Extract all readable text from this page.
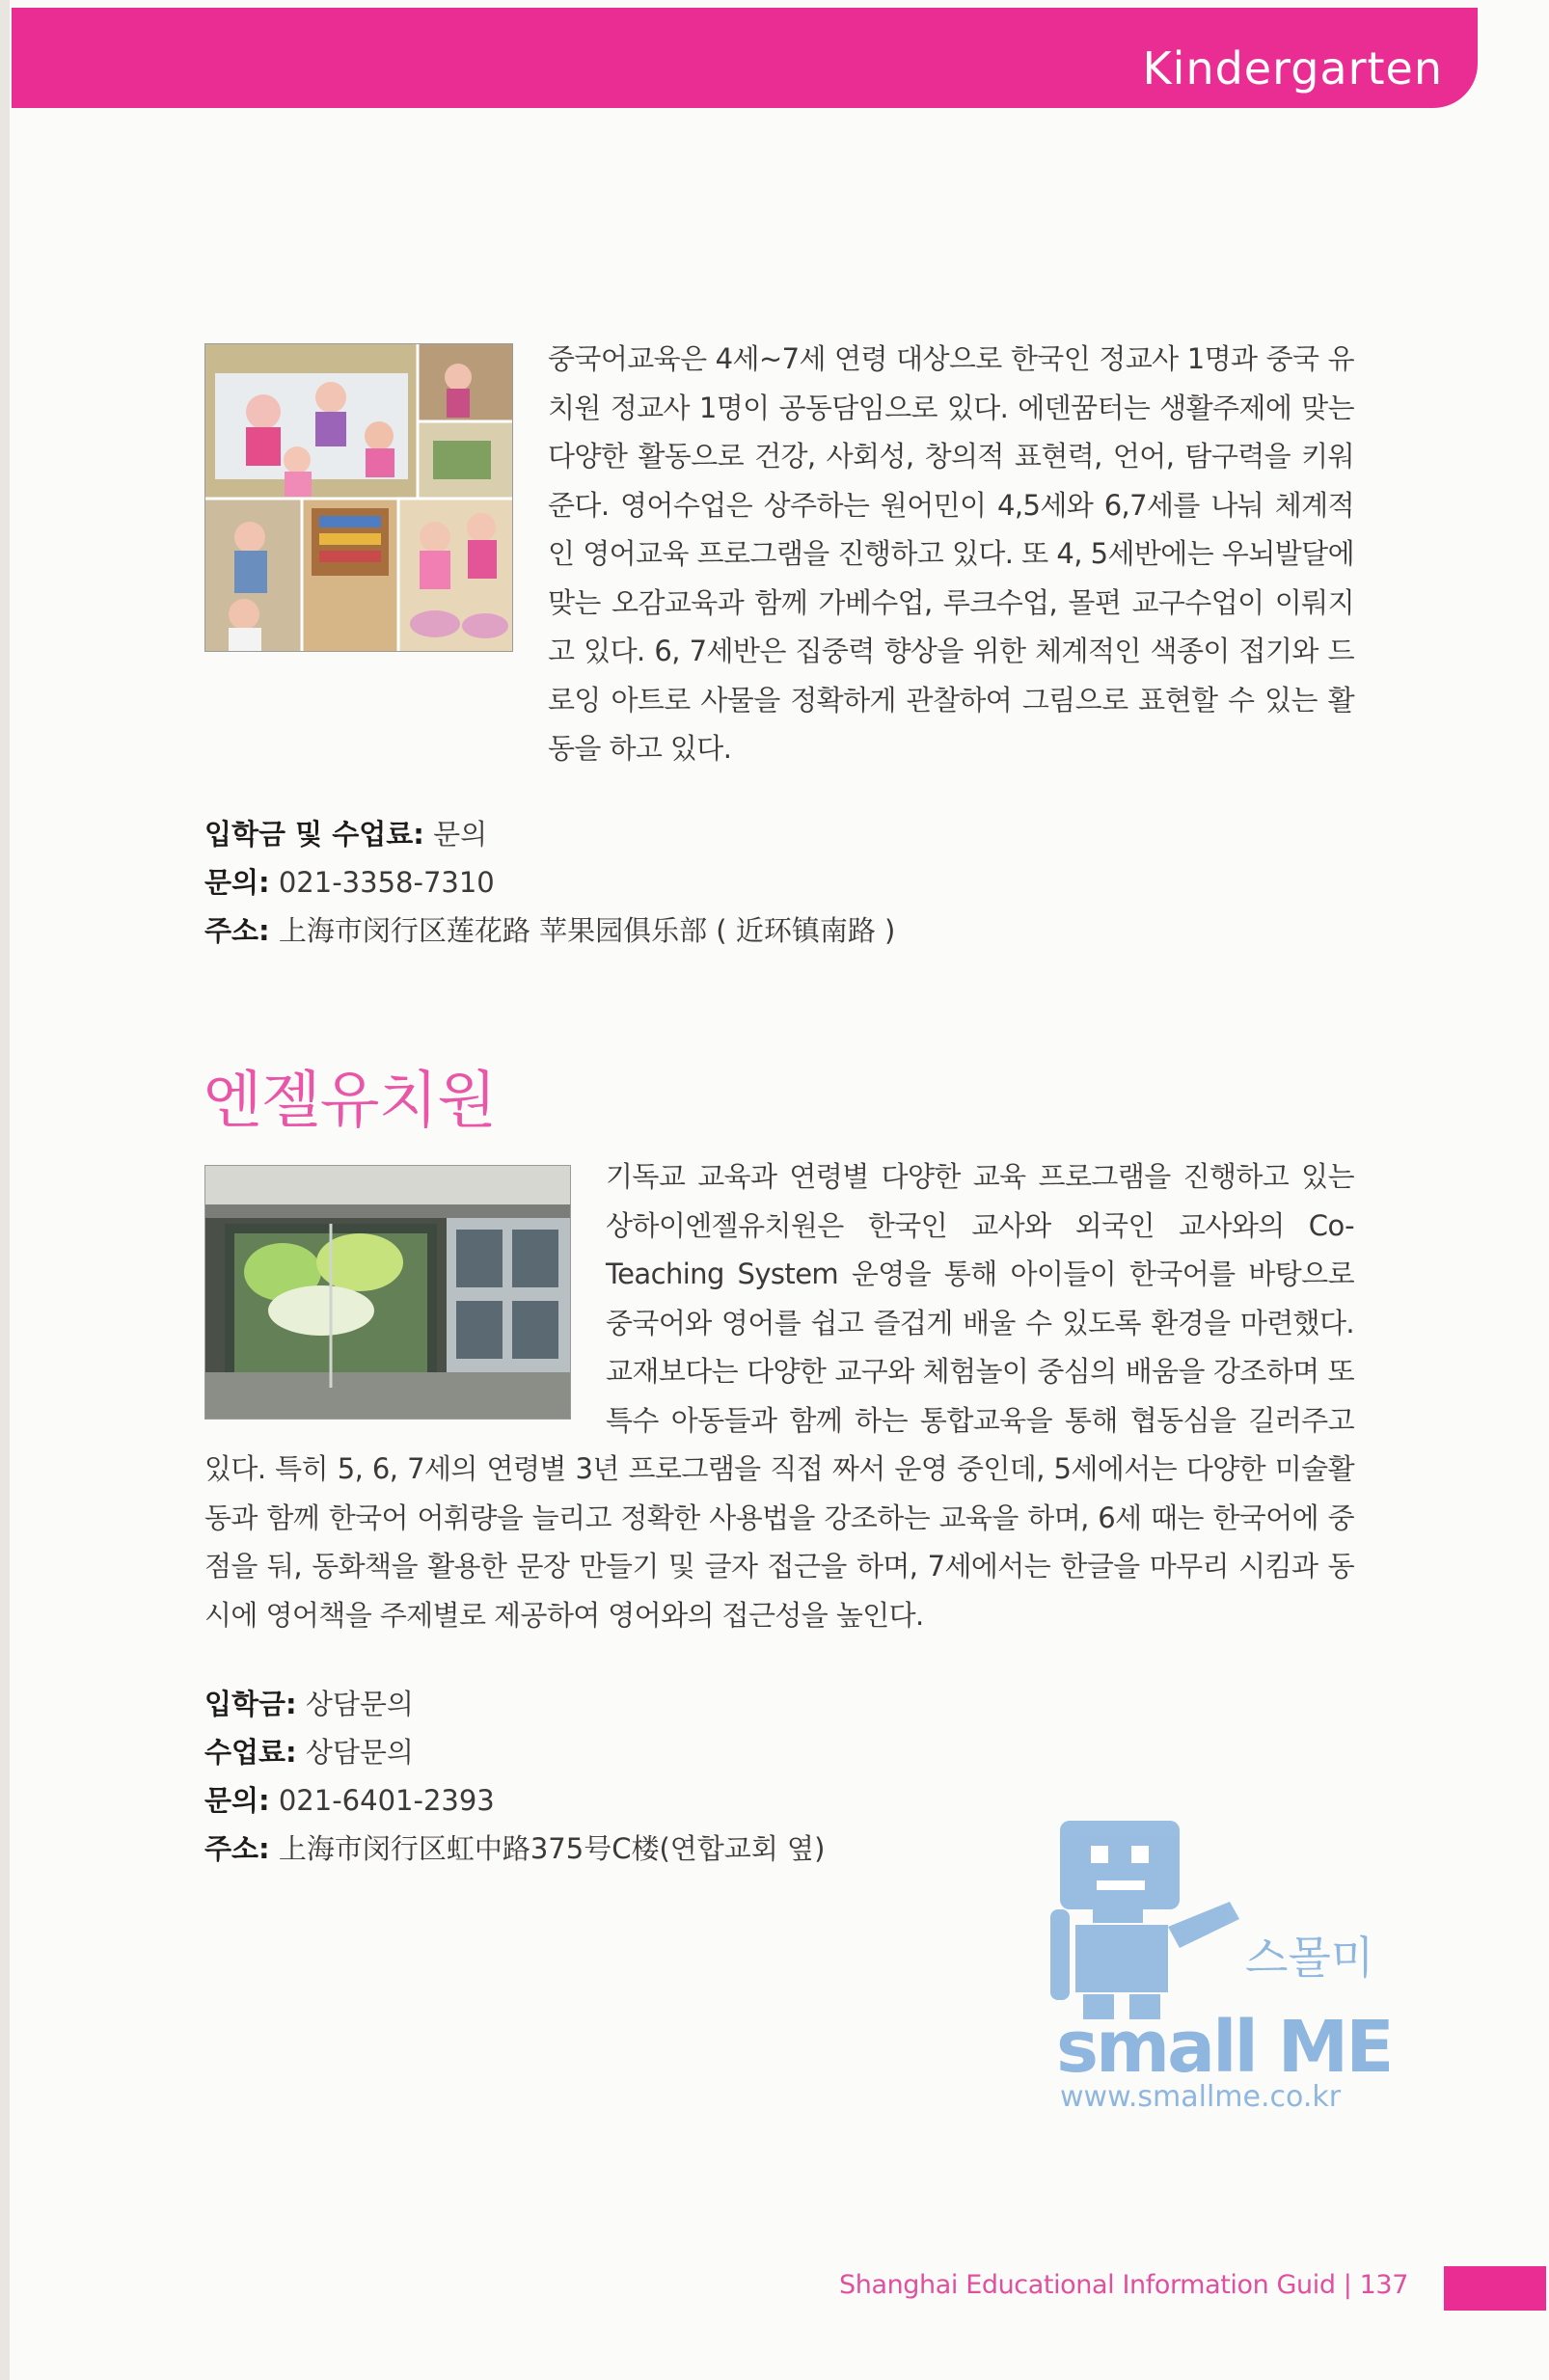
Kindergarten

중국어교육은 4세~7세 연령 대상으로 한국인 정교사 1명과 중국 유치원 정교사 1명이 공동담임으로 있다. 에덴꿈터는 생활주제에 맞는 다양한 활동으로 건강, 사회성, 창의적 표현력, 언어, 탐구력을 키워준다. 영어수업은 상주하는 원어민이 4,5세와 6,7세를 나눠 체계적인 영어교육 프로그램을 진행하고 있다. 또 4, 5세반에는 우뇌발달에 맞는 오감교육과 함께 가베수업, 루크수업, 몰편 교구수업이 이뤄지고 있다. 6, 7세반은 집중력 향상을 위한 체계적인 색종이 접기와 드로잉 아트로 사물을 정확하게 관찰하여 그림으로 표현할 수 있는 활동을 하고 있다.

입학금 및 수업료: 문의
문의: 021-3358-7310
주소: 上海市闵行区莲花路 苹果园俱乐部 ( 近环镇南路 )
엔젤유치원

기독교 교육과 연령별 다양한 교육 프로그램을 진행하고 있는 상하이엔젤유치원은 한국인 교사와 외국인 교사와의 Co-Teaching System 운영을 통해 아이들이 한국어를 바탕으로 중국어와 영어를 쉽고 즐겁게 배울 수 있도록 환경을 마련했다. 교재보다는 다양한 교구와 체험놀이 중심의 배움을 강조하며 또 특수 아동들과 함께 하는 통합교육을 통해 협동심을 길러주고 있다. 특히 5, 6, 7세의 연령별 3년 프로그램을 직접 짜서 운영 중인데, 5세에서는 다양한 미술활동과 함께 한국어 어휘량을 늘리고 정확한 사용법을 강조하는 교육을 하며, 6세 때는 한국어에 중점을 둬, 동화책을 활용한 문장 만들기 및 글자 접근을 하며, 7세에서는 한글을 마무리 시킴과 동시에 영어책을 주제별로 제공하여 영어와의 접근성을 높인다.

입학금: 상담문의
수업료: 상담문의
문의: 021-6401-2393
주소: 上海市闵行区虹中路375号C楼(연합교회 옆)
스몰미
small ME
www.smallme.co.kr
Shanghai Educational Information Guid | 137
